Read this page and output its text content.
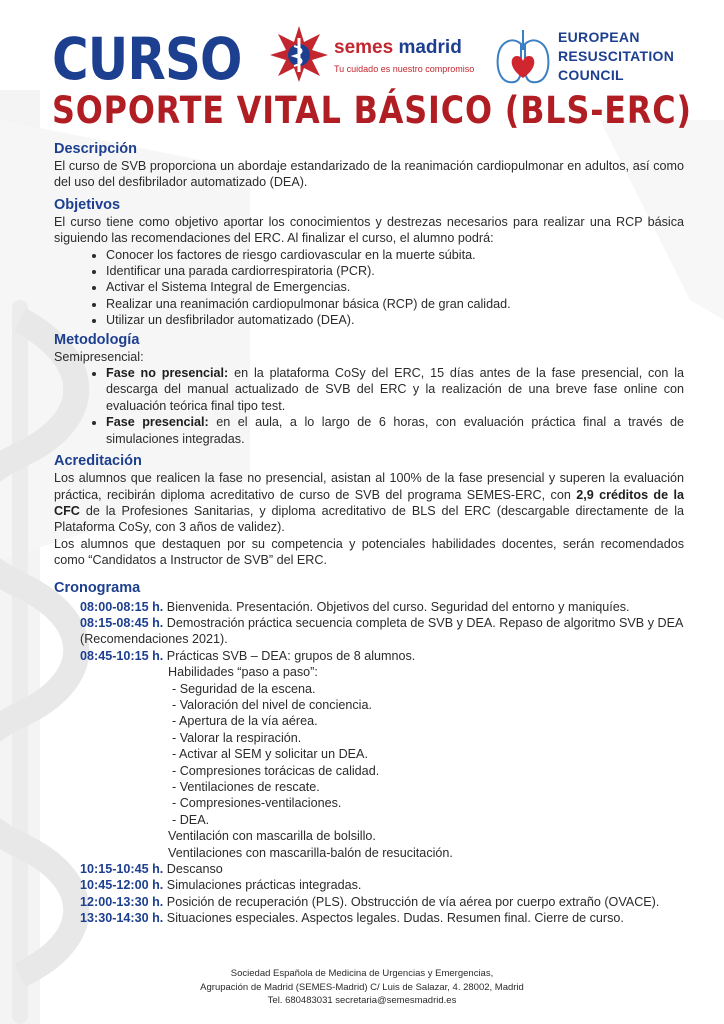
CURSO
SOPORTE VITAL BÁSICO (BLS-ERC)
semes madrid
Tu cuidado es nuestro compromiso
EUROPEAN
RESUSCITATION
COUNCIL
Descripción

El curso de SVB proporciona un abordaje estandarizado de la reanimación cardiopulmonar en adultos, así como del uso del desfibrilador automatizado (DEA).

Objetivos

El curso tiene como objetivo aportar los conocimientos y destrezas necesarios para realizar una RCP básica siguiendo las recomendaciones del ERC. Al finalizar el curso, el alumno podrá:

• Conocer los factores de riesgo cardiovascular en la muerte súbita.
• Identificar una parada cardiorrespiratoria (PCR).
• Activar el Sistema Integral de Emergencias.
• Realizar una reanimación cardiopulmonar básica (RCP) de gran calidad.
• Utilizar un desfibrilador automatizado (DEA).
Metodología

Semipresencial:

• Fase no presencial: en la plataforma CoSy del ERC, 15 días antes de la fase presencial, con la descarga del manual actualizado de SVB del ERC y la realización de una breve fase online con evaluación teórica final tipo test.
• Fase presencial: en el aula, a lo largo de 6 horas, con evaluación práctica final a través de simulaciones integradas.
Acreditación

Los alumnos que realicen la fase no presencial, asistan al 100% de la fase presencial y superen la evaluación práctica, recibirán diploma acreditativo de curso de SVB del programa SEMES-ERC, con 2,9 créditos de la CFC de la Profesiones Sanitarias, y diploma acreditativo de BLS del ERC (descargable directamente de la Plataforma CoSy, con 3 años de validez).

Los alumnos que destaquen por su competencia y potenciales habilidades docentes, serán recomendados como “Candidatos a Instructor de SVB” del ERC.

Cronograma
08:00-08:15 h. Bienvenida. Presentación. Objetivos del curso. Seguridad del entorno y maniquíes.
08:15-08:45 h. Demostración práctica secuencia completa de SVB y DEA. Repaso de algoritmo SVB y DEA (Recomendaciones 2021).
08:45-10:15 h. Prácticas SVB – DEA: grupos de 8 alumnos.
Habilidades “paso a paso”:
- Seguridad de la escena.
- Valoración del nivel de conciencia.
- Apertura de la vía aérea.
- Valorar la respiración.
- Activar al SEM y solicitar un DEA.
- Compresiones torácicas de calidad.
- Ventilaciones de rescate.
- Compresiones-ventilaciones.
- DEA.
Ventilación con mascarilla de bolsillo.
Ventilaciones con mascarilla-balón de resucitación.
10:15-10:45 h. Descanso
10:45-12:00 h. Simulaciones prácticas integradas.
12:00-13:30 h. Posición de recuperación (PLS). Obstrucción de vía aérea por cuerpo extraño (OVACE).
13:30-14:30 h. Situaciones especiales. Aspectos legales. Dudas. Resumen final. Cierre de curso.
Sociedad Española de Medicina de Urgencias y Emergencias,
Agrupación de Madrid (SEMES-Madrid) C/ Luis de Salazar, 4. 28002, Madrid
Tel. 680483031 secretaria@semesmadrid.es
